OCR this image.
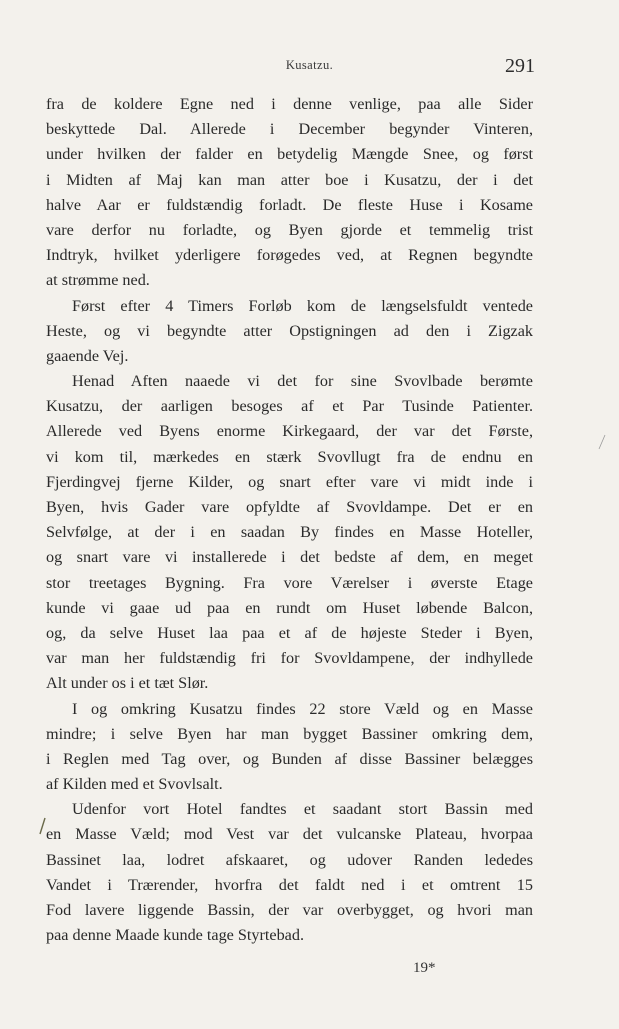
Kusatzu.	291
fra de koldere Egne ned i denne venlige, paa alle Sider
beskyttede Dal. Allerede i December begynder Vinteren,
under hvilken der falder en betydelig Mængde Snee, og først
i Midten af Maj kan man atter boe i Kusatzu, der i det
halve Aar er fuldstændig forladt. De fleste Huse i Kosame
vare derfor nu forladte, og Byen gjorde et temmelig trist
Indtryk, hvilket yderligere forøgedes ved, at Regnen begyndte
at strømme ned.
Først efter 4 Timers Forløb kom de længselsfuldt ventede
Heste, og vi begyndte atter Opstigningen ad den i Zigzak
gaaende Vej.
Henad Aften naaede vi det for sine Svovlbade berømte
Kusatzu, der aarligen besoges af et Par Tusinde Patienter.
Allerede ved Byens enorme Kirkegaard, der var det Første,
vi kom til, mærkedes en stærk Svovllugt fra de endnu en
Fjerdingvej fjerne Kilder, og snart efter vare vi midt inde i
Byen, hvis Gader vare opfyldte af Svovldampe. Det er en
Selvfølge, at der i en saadan By findes en Masse Hoteller,
og snart vare vi installerede i det bedste af dem, en meget
stor treetages Bygning. Fra vore Værelser i øverste Etage
kunde vi gaae ud paa en rundt om Huset løbende Balcon,
og, da selve Huset laa paa et af de højeste Steder i Byen,
var man her fuldstændig fri for Svovldampene, der indhyllede
Alt under os i et tæt Slør.
I og omkring Kusatzu findes 22 store Væld og en Masse
mindre; i selve Byen har man bygget Bassiner omkring dem,
i Reglen med Tag over, og Bunden af disse Bassiner belægges
af Kilden med et Svovlsalt.
Udenfor vort Hotel fandtes et saadant stort Bassin med
en Masse Væld; mod Vest var det vulcanske Plateau, hvorpaa
Bassinet laa, lodret afskaaret, og udover Randen lededes
Vandet i Trærender, hvorfra det faldt ned i et omtrent 15
Fod lavere liggende Bassin, der var overbygget, og hvori man
paa denne Maade kunde tage Styrtebad.
19*
